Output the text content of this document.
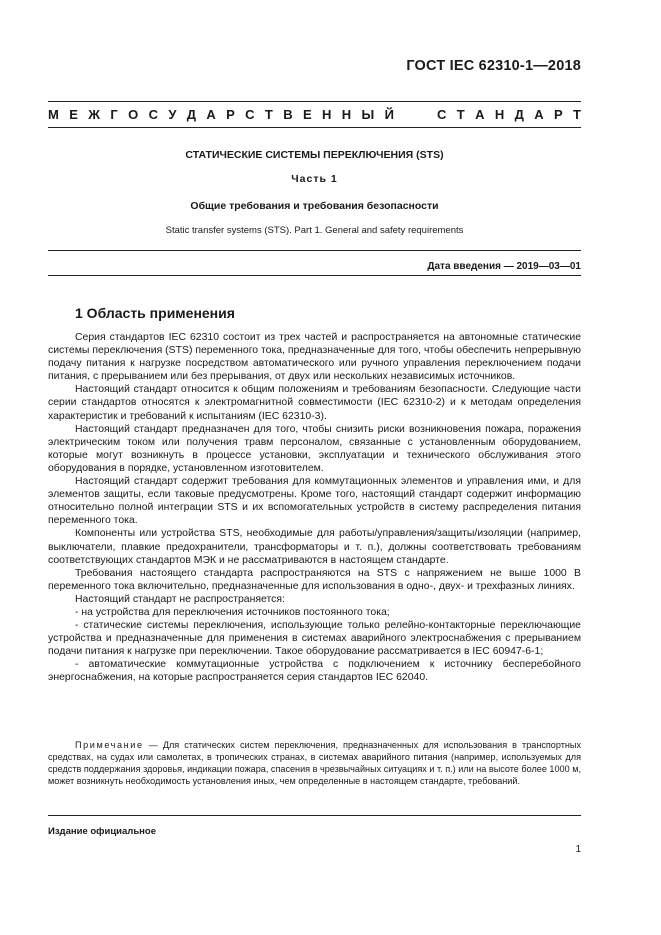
ГОСТ IEC 62310-1—2018
М Е Ж Г О С У Д А Р С Т В Е Н Н Ы Й	С Т А Н Д А Р Т
СТАТИЧЕСКИЕ СИСТЕМЫ ПЕРЕКЛЮЧЕНИЯ (STS)
Часть 1
Общие требования и требования безопасности
Static transfer systems (STS). Part 1. General and safety requirements
Дата введения — 2019—03—01
1 Область применения

Серия стандартов IEC 62310 состоит из трех частей и распространяется на автономные статические системы переключения (STS) переменного тока, предназначенные для того, чтобы обеспечить непрерывную подачу питания к нагрузке посредством автоматического или ручного управления переключением подачи питания, с прерыванием или без прерывания, от двух или нескольких независимых источников.

Настоящий стандарт относится к общим положениям и требованиям безопасности. Следующие части серии стандартов относятся к электромагнитной совместимости (IEC 62310-2) и к методам определения характеристик и требований к испытаниям (IEC 62310-3).

Настоящий стандарт предназначен для того, чтобы снизить риски возникновения пожара, поражения электрическим током или получения травм персоналом, связанные с установленным оборудованием, которые могут возникнуть в процессе установки, эксплуатации и технического обслуживания этого оборудования в порядке, установленном изготовителем.

Настоящий стандарт содержит требования для коммутационных элементов и управления ими, и для элементов защиты, если таковые предусмотрены. Кроме того, настоящий стандарт содержит информацию относительно полной интеграции STS и их вспомогательных устройств в систему распределения питания переменного тока.

Компоненты или устройства STS, необходимые для работы/управления/защиты/изоляции (например, выключатели, плавкие предохранители, трансформаторы и т. п.), должны соответствовать требованиям соответствующих стандартов МЭК и не рассматриваются в настоящем стандарте.

Требования настоящего стандарта распространяются на STS с напряжением не выше 1000 В переменного тока включительно, предназначенные для использования в одно-, двух- и трехфазных линиях.

Настоящий стандарт не распространяется:

- на устройства для переключения источников постоянного тока;

- статические системы переключения, использующие только релейно-контакторные переключающие устройства и предназначенные для применения в системах аварийного электроснабжения с прерыванием подачи питания к нагрузке при переключении. Такое оборудование рассматривается в IEC 60947-6-1;

- автоматические коммутационные устройства с подключением к источнику бесперебойного энергоснабжения, на которые распространяется серия стандартов IEC 62040.

Примечание — Для статических систем переключения, предназначенных для использования в транспортных средствах, на судах или самолетах, в тропических странах, в системах аварийного питания (например, используемых для средств поддержания здоровья, индикации пожара, спасения в чрезвычайных ситуациях и т. п.) или на высоте более 1000 м, может возникнуть необходимость установления иных, чем определенные в настоящем стандарте, требований.
Издание официальное
1
